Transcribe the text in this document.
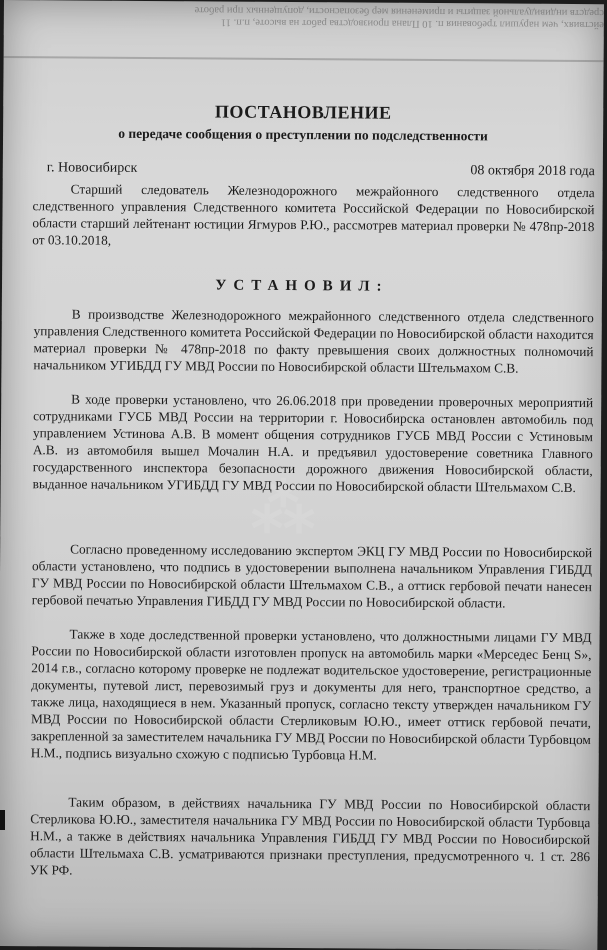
ействиях, чем нарушил требования п. 10 Плана производства работ на высоте, п.п. 11
средств индивидуальной защиты и применения мер безопасности, допущенных при работе
ПОСТАНОВЛЕНИЕ
о передаче сообщения о преступлении по подследственности
г. Новосибирск	08 октября 2018 года
Старший следователь Железнодорожного межрайонного следственного отдела следственного управления Следственного комитета Российской Федерации по Новосибирской области старший лейтенант юстиции Ягмуров Р.Ю., рассмотрев материал проверки № 478пр-2018 от 03.10.2018,
УСТАНОВИЛ:
В производстве Железнодорожного межрайонного следственного отдела следственного управления Следственного комитета Российской Федерации по Новосибирской области находится материал проверки № 478пр-2018 по факту превышения своих должностных полномочий начальником УГИБДД ГУ МВД России по Новосибирской области Штельмахом С.В.
В ходе проверки установлено, что 26.06.2018 при проведении проверочных мероприятий сотрудниками ГУСБ МВД России на территории г. Новосибирска остановлен автомобиль под управлением Устинова А.В. В момент общения сотрудников ГУСБ МВД России с Устиновым А.В. из автомобиля вышел Мочалин Н.А. и предъявил удостоверение советника Главного государственного инспектора безопасности дорожного движения Новосибирской области, выданное начальником УГИБДД ГУ МВД России по Новосибирской области Штельмахом С.В.
Согласно проведенному исследованию экспертом ЭКЦ ГУ МВД России по Новосибирской области установлено, что подпись в удостоверении выполнена начальником Управления ГИБДД ГУ МВД России по Новосибирской области Штельмахом С.В., а оттиск гербовой печати нанесен гербовой печатью Управления ГИБДД ГУ МВД России по Новосибирской области.
Также в ходе доследственной проверки установлено, что должностными лицами ГУ МВД России по Новосибирской области изготовлен пропуск на автомобиль марки «Мерседес Бенц S», 2014 г.в., согласно которому проверке не подлежат водительское удостоверение, регистрационные документы, путевой лист, перевозимый груз и документы для него, транспортное средство, а также лица, находящиеся в нем. Указанный пропуск, согласно тексту утвержден начальником ГУ МВД России по Новосибирской области Стерликовым Ю.Ю., имеет оттиск гербовой печати, закрепленной за заместителем начальника ГУ МВД России по Новосибирской области Турбовцом Н.М., подпись визуально схожую с подписью Турбовца Н.М.
Таким образом, в действиях начальника ГУ МВД России по Новосибирской области Стерликова Ю.Ю., заместителя начальника ГУ МВД России по Новосибирской области Турбовца Н.М., а также в действиях начальника Управления ГИБДД ГУ МВД России по Новосибирской области Штельмаха С.В. усматриваются признаки преступления, предусмотренного ч. 1 ст. 286 УК РФ.
⁂
